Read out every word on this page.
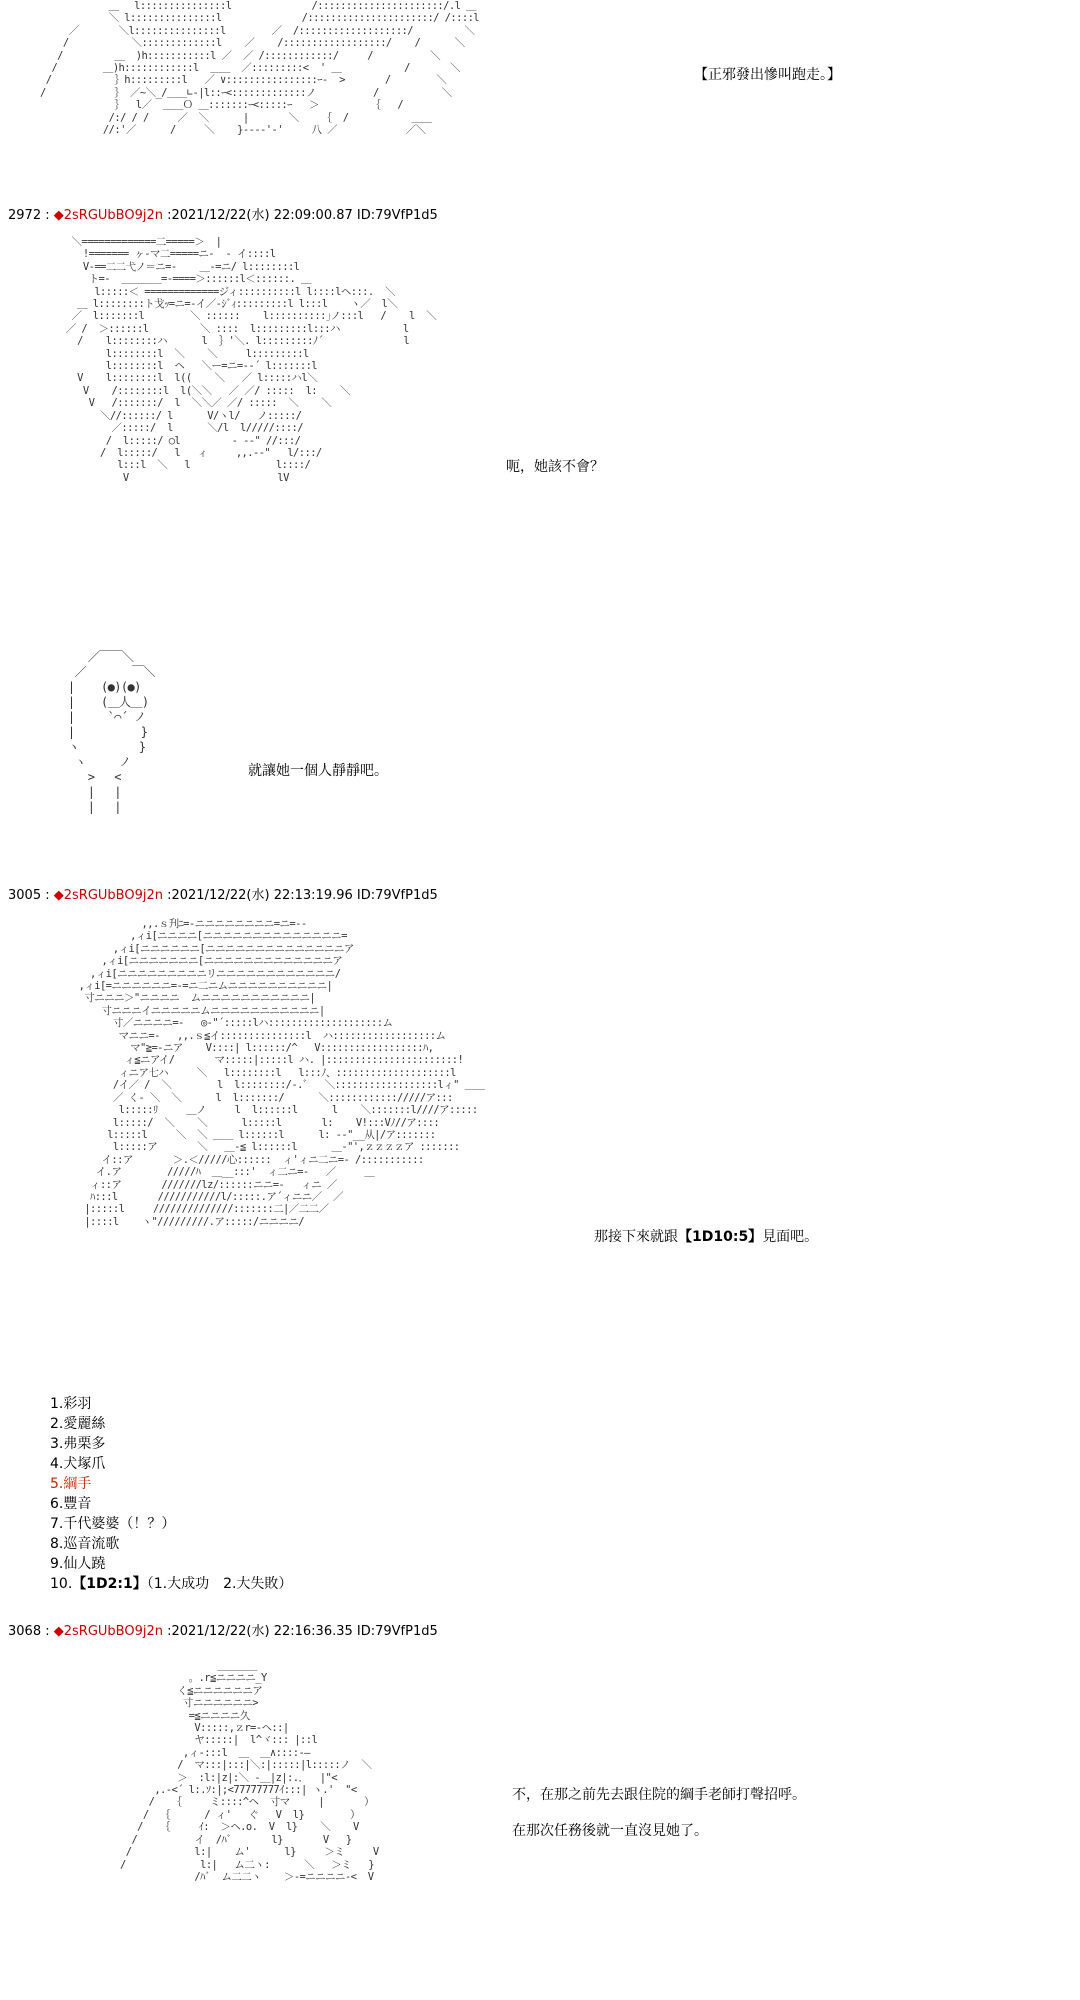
＿ 　l:::::::::::::::l              /::::::::::::::::::::::/.l ＿
＼ l:::::::::::::::l              /::::::::::::::::::::::/ /::::l
／       ＼l:::::::::::::::l        ／  /:::::::::::::::::::/         ＼
/           ＼:::::::::::::l    ／    /::::::::::::::::::/    /      ＼
/         ＿  )h:::::::::::l ／  ／ /::::::::::::/     /          ＼
/        ＿)h::::::::::::l  ＿＿  ／:::::::::<  ' ＿           /       ＼
/           ｝h:::::::::l   ／ ∨::::::::::::::::ｰ-  >       /        ＼
/            ｝ ／~＼_/＿＿∟-|l::ｰ<:::::::::::::ノ          /           ＼
｝  l／  ＿＿Ｏ ＿:::::::ｰ<:::::ｰ   ＞         ｛   /
/:/ / /     ／  ＼      |       ＼    ｛  /           ＿＿
//:'／      /     ＼    }----'‐'     八 ／            ／＼
【正邪發出慘叫跑走。】
2972 : ◆2sRGUbBO9j2n :2021/12/22(水) 22:09:00.87 ID:79VfP1d5
＼=============二=====＞  |
!======= ヶ-マ二=====ニ‐  - イ::::l
V-==二二弋ノ＝ニ=-    ＿-=ニ/ l::::::::l
ト=-  ＿＿＿＿=-====＞::::::l＜::::::. ＿
l:::::＜ =============ジィ::::::::::l l::::lヘ:::.  ＼
＿ l::::::::ト戈ｯ=ニ=-イ／-ｼﾞｨ:::::::::l l:::l    ヽ／  l＼
／  l:::::::l        ＼ ::::::    l::::::::::｣ノ:::l   /    l  ＼
／ /  ＞::::::l         ＼ ::::  l:::::::::l:::ハ           l
/    l::::::::ハ      l  ｝'＼. l:::::::::ﾉ´              l
l::::::::l  ＼    ＼     l:::::::::l
l::::::::l  ヘ   ＼ー=ニ=-‐´ l:::::::l
V    l::::::::l  l((    ＼   ／ l:::::ハl＼
V    /::::::::l  l(＼＼   ／ ／/ :::::  l:    ＼
V   /:::::::/  l  ＼＼／ ／/ :::::  ＼    ＼
＼//::::::/ l      V/ヽl/   ノ:::::/
／:::::/  l      ＼/l  l/////::::/
/  l:::::/ ○l         ‐ -‐" //:::/
/  l:::::/   l   ィ     ,,.-‐"   l/:::/
l:::l  ＼   l               l::::/
V                          lV
呃，她該不會？
／￣￣＼
／       ￣＼
|    (●)(●)
|    (＿人＿)
|     `⌒´ ノ
|          }
ヽ         }
ヽ     ノ
>   <
|   |
|   |
就讓她一個人靜靜吧。
3005 : ◆2sRGUbBO9j2n :2021/12/22(水) 22:13:19.96 ID:79VfP1d5
,,.ｓ刋ﾆ=‐ニニニニニニニニ=ニ=-‐
,ィi[ニニニニ[ニニニニニニニニニニニニニニ=
,ィi[ニニニニニニ[ニニニニニニニニニニニニニニア
,ィi[ニニニニニニニ[ニニニニニニニニニニニニニア
,ィi[ニニニニニニニニニリニニニニニニニニニニニニ/
,ィi[=ニニニニニニ=-=ニ二ニムニニニニニニニニニニ|
寸ニニニ＞"ニニニニ  ムニニニニニニニニニニニ|
寸ニニニイニニニニニムニニニニニニニニニニニ|
寸／ニニニニ=-   ◎-"´:::::lハ::::::::::::::::::::ム
マニニ=-   ,,.ｓ≦イ:::::::::::::::l  ハ::::::::::::::::::ム
マ"≧=-ニア    V::::| l::::::/^   V::::::::::::::::::ﾊ,
ィ≦ニアイ/       マ:::::|:::::l ハ. |:::::::::::::::::::::::!
ィニア七ハ     ＼   l::::::::l   l:::ﾉ、::::::::::::::::::::l
/イ／ /  ＼        l  l::::::::/-.ﾞ   ＼::::::::::::::::::lィ" ＿＿
／ く- ＼  ＼      l  l:::::::/      ＼:::::::::::://///ア:::
l:::::ﾘ     ＿ノ     l  l::::::l      l    ＼:::::::l////ア:::::
l:::::/  ＼    ＼      l:::::l       l:    V!:::Vﾉ//ア::::
l:::::l     ＼  ＼ ＿＿ l::::::l      l: -‐"__从|/ア:::::::
l:::::ア       ＼   ＿‐≦ l::::::l      ＿‐"',ｚｚｚｚア :::::::
イ::ア       ＞.＜/////心::::::  ィ'ィニ二ニ=‐ /:::::::::::
イ.ア        /////ﾊ  ＿__:::'  ィ二ニ=-   ／     ＿
ィ::ア       ///////lz/::::::ニニ=-   ィニ ／
ﾊ:::l       ///////////l/:::::.ア´ィニニ／  ／
|:::::l     //////////////:::::::二|／二二／
|::::l    ヽ"/////////.ア:::::/ニニニニ/
那接下來就跟【1D10:5】見面吧。
1.彩羽
2.愛麗絲
3.弗栗多
4.犬塚爪
5.綱手
6.豐音
7.千代婆婆（！？）
8.巡音流歌
9.仙人蹺
10.【1D2:1】（1.大成功　2.大失敗）
3068 : ◆2sRGUbBO9j2n :2021/12/22(水) 22:16:36.35 ID:79VfP1d5
＿＿＿＿
。.r≦ニニニニ_Y
く≦ニニニニニニア
寸ニニニニニニ>
=≦ニニニニ久
V:::::,ｚr=-ヘ::|
ヤ:::::|  l^ヾ::: |::l
,ィ-:::l  ＿  ＿∧::::-―
/  マ:::|:::|＼:|:::::|l:::::ノ  ＼
＞  :l:|z|:＼ ‐＿|z|:.．  |"<
,.‐<´ l:.ｿ:|;<77777777ｲ:::| ヽ.'  "<
/   ｛     ミ::::^ヘ  寸マ     |       ）
/  ｛      / ィ'   ぐ   V  l}        ）
/   ｛     ｲ:  ＞ヘ.o.  V  l}    ＼    V
/          イ  /ﾊﾞ       l}       V   }
/           l:|    ム'      l}     ＞ミ     V
/             l:|   ム二ヽ:      ＼   ＞ミ   }
/ﾊﾞ  ム二二ヽ    ＞-=ニニニニ-<  V
不，在那之前先去跟住院的綱手老師打聲招呼。
在那次任務後就一直沒見她了。
